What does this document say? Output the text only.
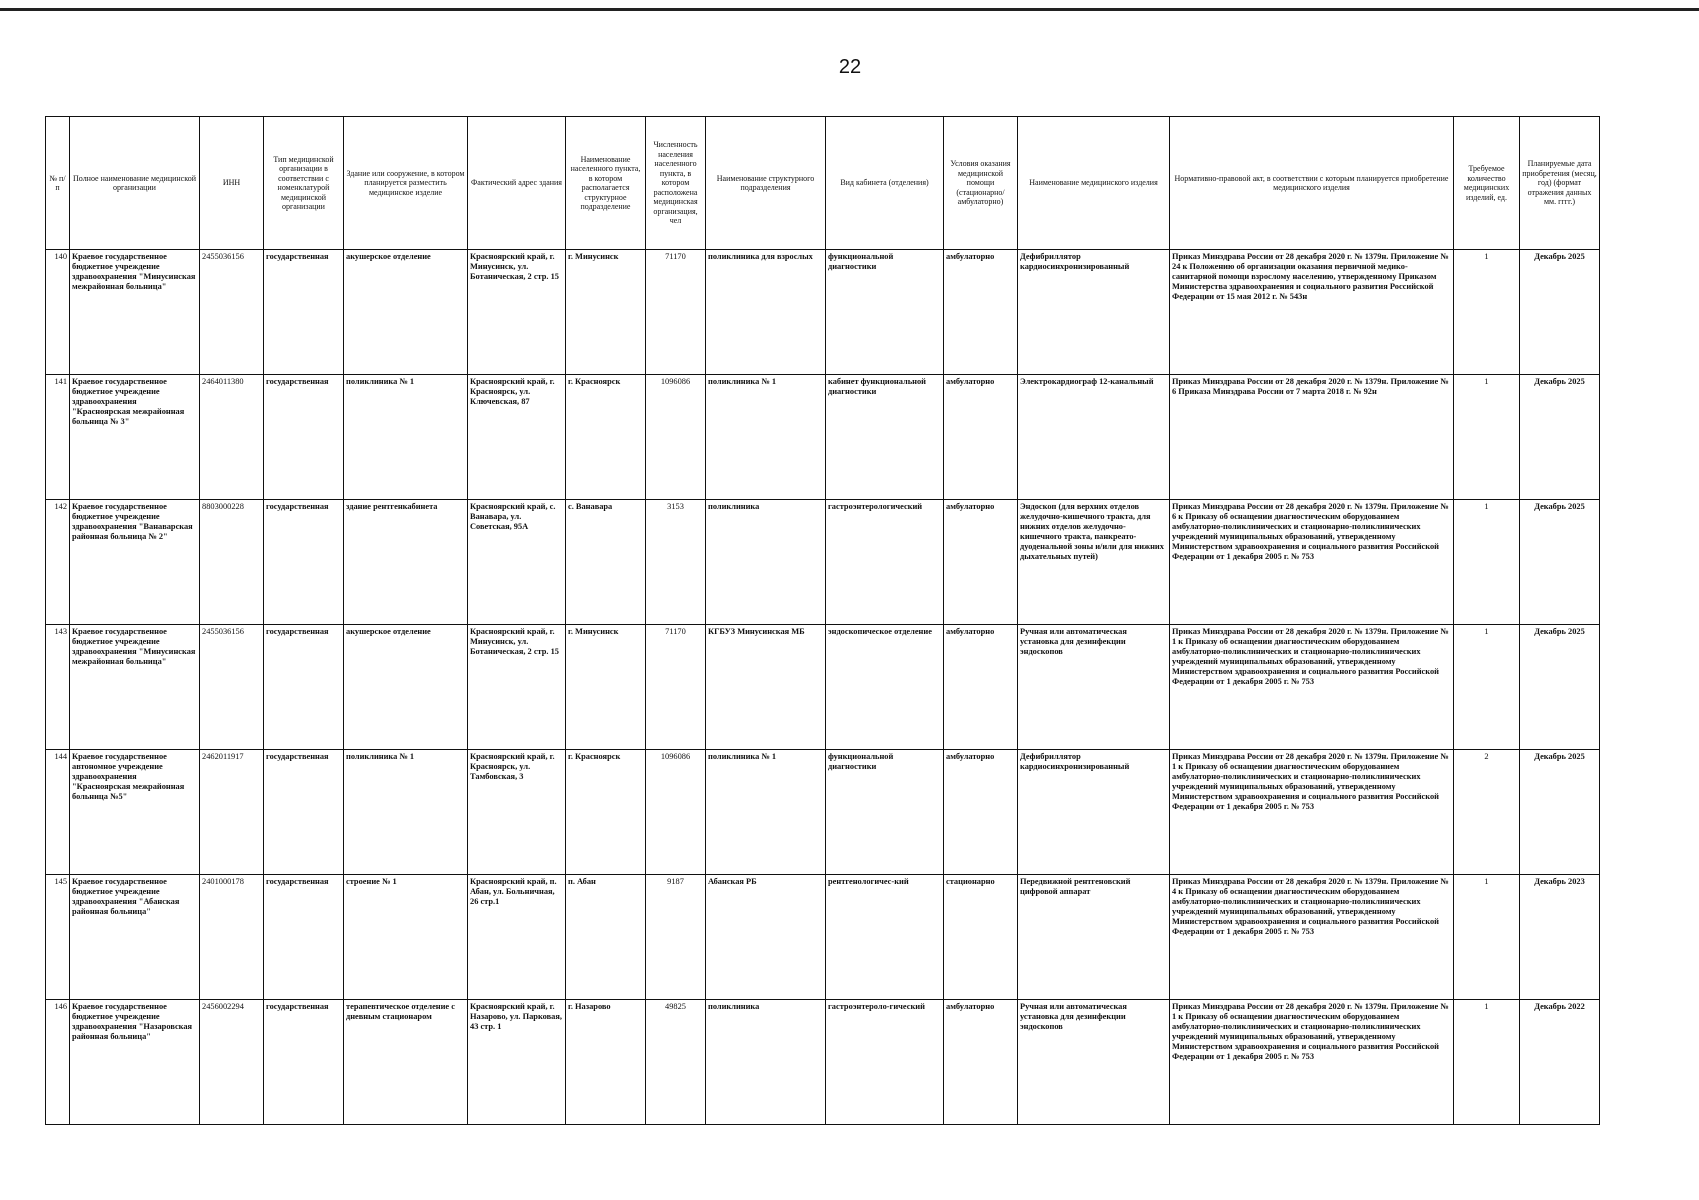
22
№ п/п	Полное наименование медицинской организации	ИНН	Тип медицинской организации в соответствии с номенклатурой медицинской организации	Здание или сооружение, в котором планируется разместить медицинское изделие	Фактический адрес здания	Наименование населенного пункта, в котором располагается структурное подразделение	Численность населения населенного пункта, в котором расположена медицинская организация, чел	Наименование структурного подразделения	Вид кабинета (отделения)	Условия оказания медицинской помощи (стационарно/ амбулаторно)	Наименование медицинского изделия	Нормативно-правовой акт, в соответствии с которым планируется приобретение медицинского изделия	Требуемое количество медицинских изделий, ед.	Планируемые дата приобретения (месяц, год) (формат отражения данных мм. гггг.)
140	Краевое государственное бюджетное учреждение здравоохранения "Минусинская межрайонная больница"	2455036156	государственная	акушерское отделение	Красноярский край, г. Минусинск, ул. Ботаническая, 2 стр. 15	г. Минусинск	71170	поликлиника для взрослых	функциональной диагностики	амбулаторно	Дефибриллятор кардиосинхронизированный	Приказ Минздрава России от 28 декабря 2020 г. № 1379н. Приложение № 24 к Положению об организации оказания первичной медико-санитарной помощи взрослому населению, утвержденному Приказом Министерства здравоохранения и социального развития Российской Федерации от 15 мая 2012 г. № 543н	1	Декабрь 2025
141	Краевое государственное бюджетное учреждение здравоохранения "Красноярская межрайонная больница № 3"	2464011380	государственная	поликлиника № 1	Красноярский край, г. Красноярск, ул. Ключевская, 87	г. Красноярск	1096086	поликлиника № 1	кабинет функциональной диагностики	амбулаторно	Электрокардиограф 12-канальный	Приказ Минздрава России от 28 декабря 2020 г. № 1379н. Приложение № 6 Приказа Минздрава России от 7 марта 2018 г. № 92н	1	Декабрь 2025
142	Краевое государственное бюджетное учреждение здравоохранения "Ванаварская районная больница № 2"	8803000228	государственная	здание рентгенкабинета	Красноярский край, с. Ванавара, ул. Советская, 95А	с. Ванавара	3153	поликлиника	гастроэнтерологический	амбулаторно	Эндоскоп (для верхних отделов желудочно-кишечного тракта, для нижних отделов желудочно-кишечного тракта, панкреато-дуоденальной зоны и/или для нижних дыхательных путей)	Приказ Минздрава России от 28 декабря 2020 г. № 1379н. Приложение № 6 к Приказу об оснащении диагностическим оборудованием амбулаторно-поликлинических и стационарно-поликлинических учреждений муниципальных образований, утвержденному Министерством здравоохранения и социального развития Российской Федерации от 1 декабря 2005 г. № 753	1	Декабрь 2025
143	Краевое государственное бюджетное учреждение здравоохранения "Минусинская межрайонная больница"	2455036156	государственная	акушерское отделение	Красноярский край, г. Минусинск, ул. Ботаническая, 2 стр. 15	г. Минусинск	71170	КГБУЗ Минусинская МБ	эндоскопическое отделение	амбулаторно	Ручная или автоматическая установка для дезинфекции эндоскопов	Приказ Минздрава России от 28 декабря 2020 г. № 1379н. Приложение № 1 к Приказу об оснащении диагностическим оборудованием амбулаторно-поликлинических и стационарно-поликлинических учреждений муниципальных образований, утвержденному Министерством здравоохранения и социального развития Российской Федерации от 1 декабря 2005 г. № 753	1	Декабрь 2025
144	Краевое государственное автономное учреждение здравоохранения "Красноярская межрайонная больница №5"	2462011917	государственная	поликлиника № 1	Красноярский край, г. Красноярск, ул. Тамбовская, 3	г. Красноярск	1096086	поликлиника № 1	функциональной диагностики	амбулаторно	Дефибриллятор кардиосинхронизированный	Приказ Минздрава России от 28 декабря 2020 г. № 1379н. Приложение № 1 к Приказу об оснащении диагностическим оборудованием амбулаторно-поликлинических и стационарно-поликлинических учреждений муниципальных образований, утвержденному Министерством здравоохранения и социального развития Российской Федерации от 1 декабря 2005 г. № 753	2	Декабрь 2025
145	Краевое государственное бюджетное учреждение здравоохранения "Абанская районная больница"	2401000178	государственная	строение № 1	Красноярский край, п. Абан, ул. Больничная, 26 стр.1	п. Абан	9187	Абанская РБ	рентгенологичес-кий	стационарно	Передвижной рентгеновский цифровой аппарат	Приказ Минздрава России от 28 декабря 2020 г. № 1379н. Приложение № 4 к Приказу об оснащении диагностическим оборудованием амбулаторно-поликлинических и стационарно-поликлинических учреждений муниципальных образований, утвержденному Министерством здравоохранения и социального развития Российской Федерации от 1 декабря 2005 г. № 753	1	Декабрь 2023
146	Краевое государственное бюджетное учреждение здравоохранения "Назаровская районная больница"	2456002294	государственная	терапевтическое отделение с дневным стационаром	Красноярский край, г. Назарово, ул. Парковая, 43 стр. 1	г. Назарово	49825	поликлиника	гастроэнтероло-гический	амбулаторно	Ручная или автоматическая установка для дезинфекции эндоскопов	Приказ Минздрава России от 28 декабря 2020 г. № 1379н. Приложение № 1 к Приказу об оснащении диагностическим оборудованием амбулаторно-поликлинических и стационарно-поликлинических учреждений муниципальных образований, утвержденному Министерством здравоохранения и социального развития Российской Федерации от 1 декабря 2005 г. № 753	1	Декабрь 2022
